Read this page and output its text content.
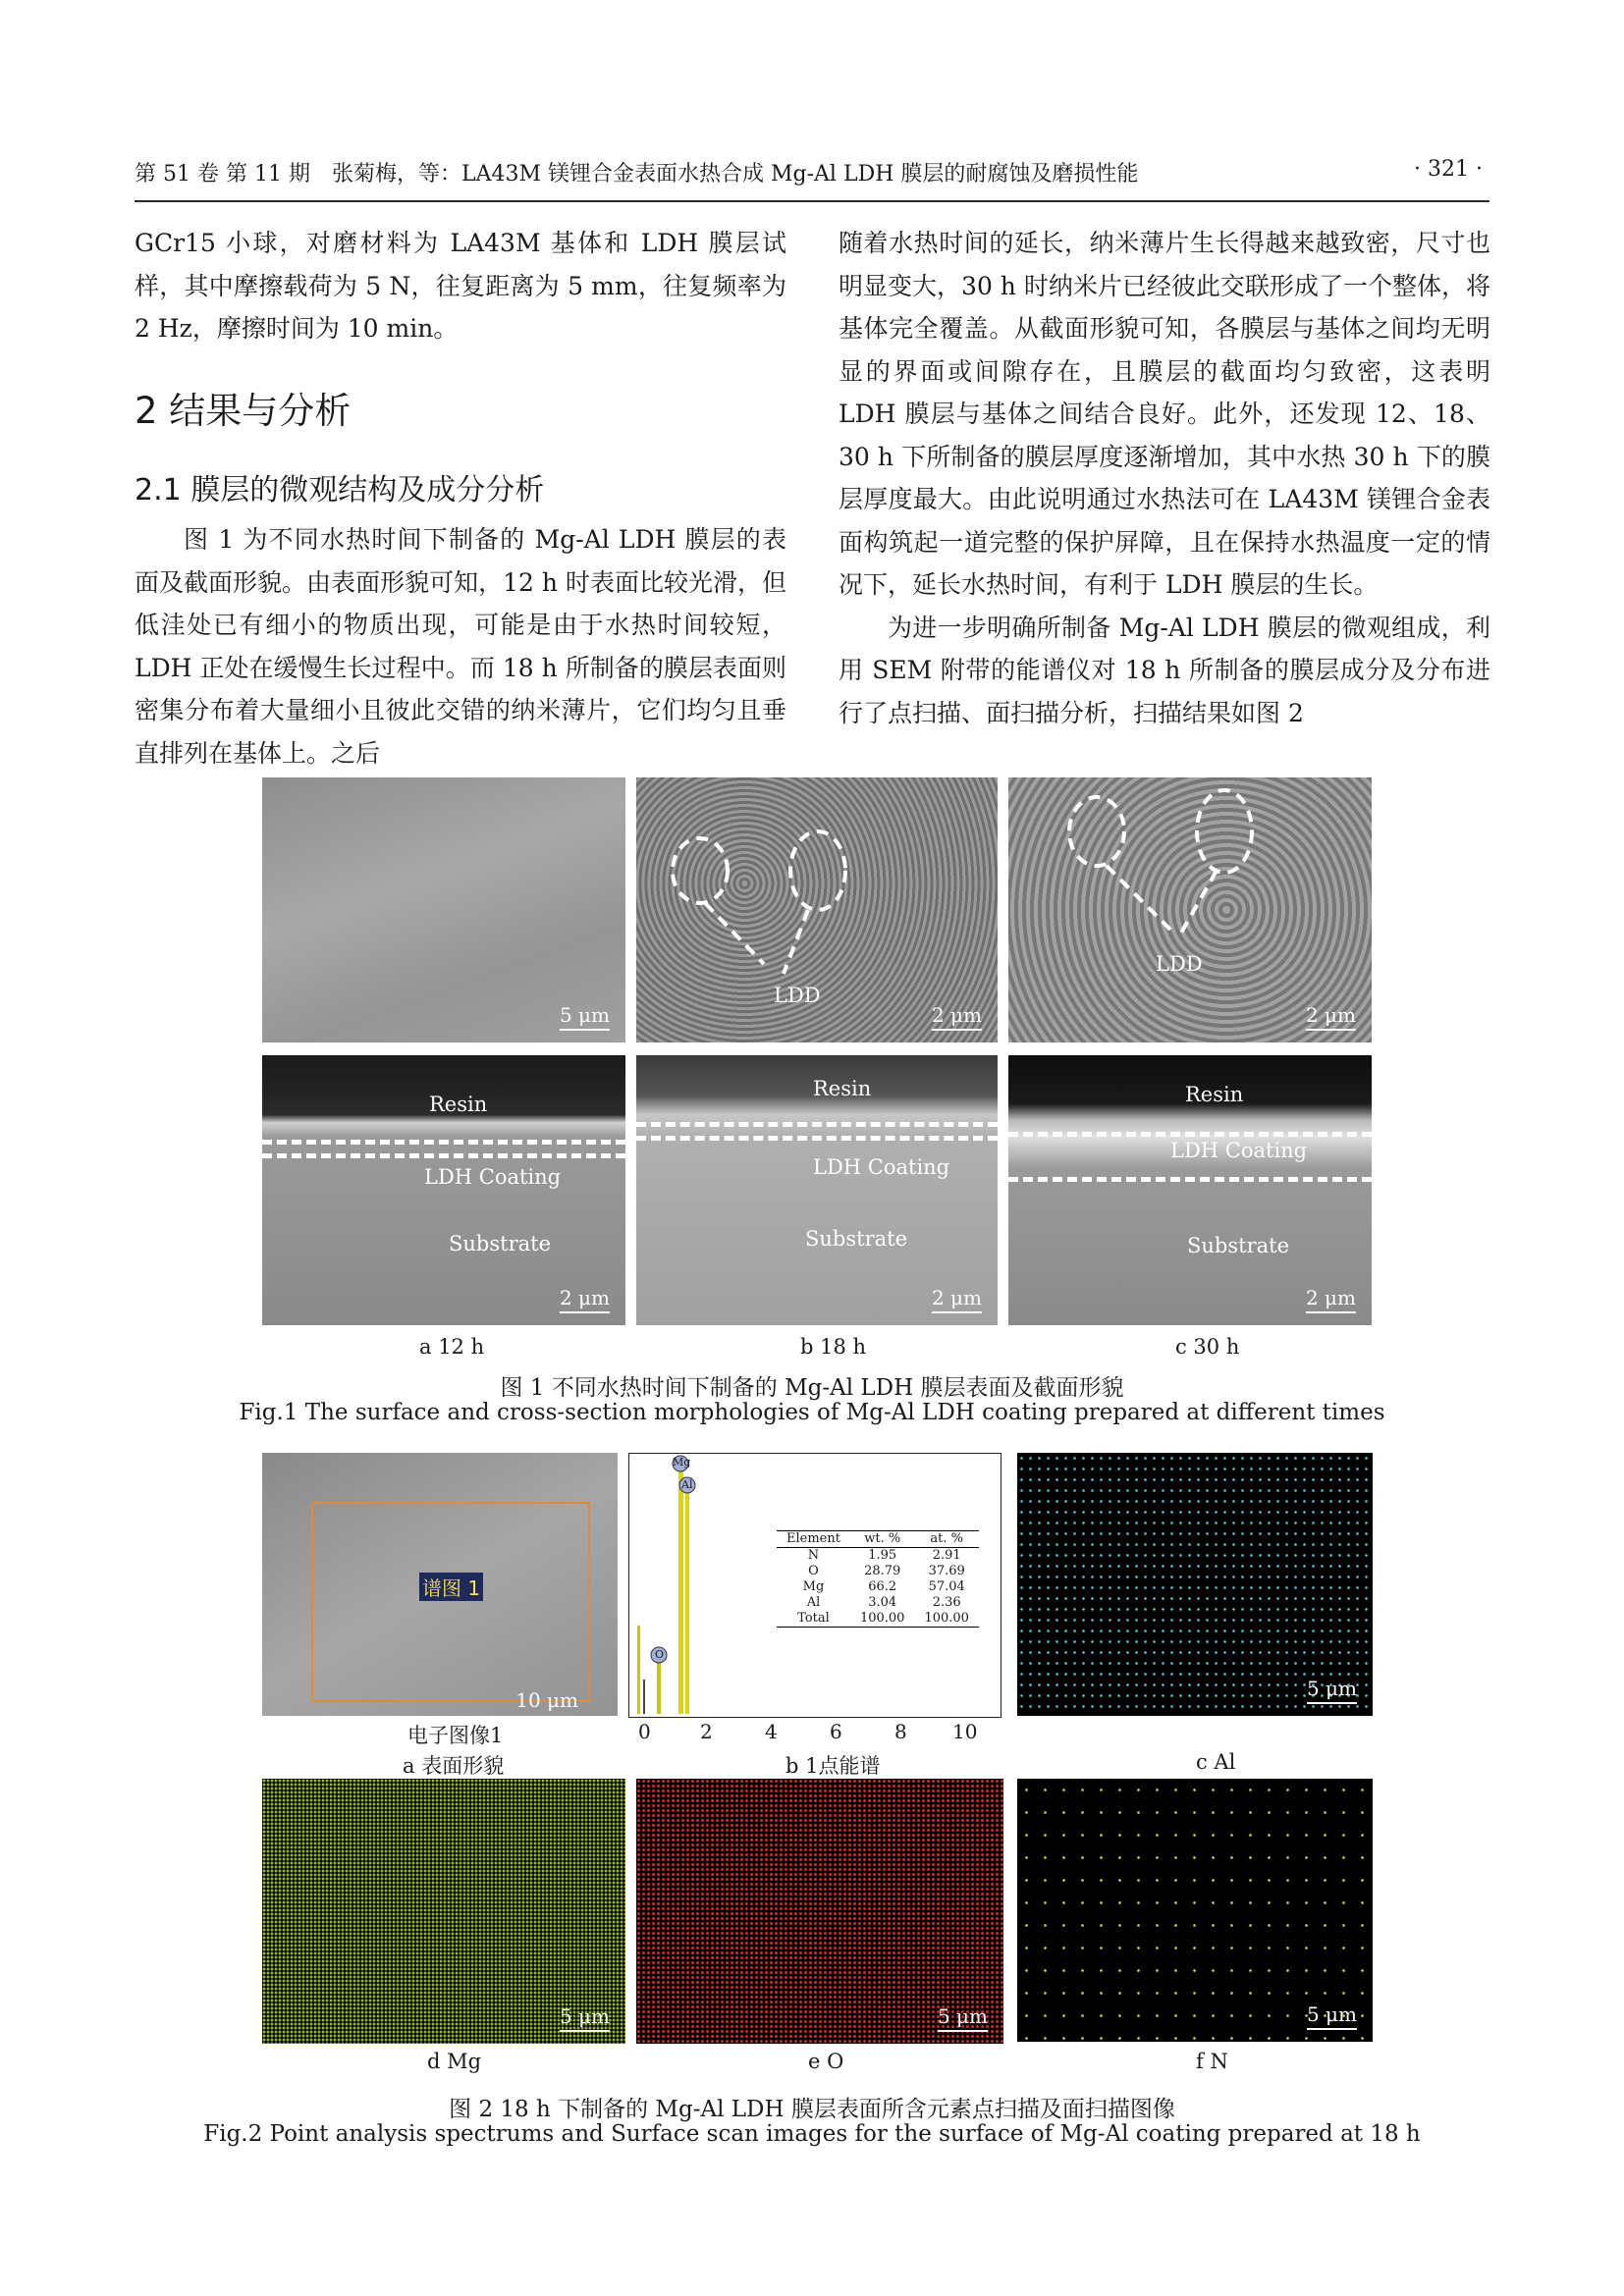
第 51 卷 第 11 期 张菊梅，等：LA43M 镁锂合金表面水热合成 Mg-Al LDH 膜层的耐腐蚀及磨损性能	· 321 ·

GCr15 小球，对磨材料为 LA43M 基体和 LDH 膜层试样，其中摩擦载荷为 5 N，往复距离为 5 mm，往复频率为 2 Hz，摩擦时间为 10 min。

2 结果与分析
2.1 膜层的微观结构及成分分析

图 1 为不同水热时间下制备的 Mg-Al LDH 膜层的表面及截面形貌。由表面形貌可知，12 h 时表面比较光滑，但低洼处已有细小的物质出现，可能是由于水热时间较短，LDH 正处在缓慢生长过程中。而 18 h 所制备的膜层表面则密集分布着大量细小且彼此交错的纳米薄片，它们均匀且垂直排列在基体上。之后

随着水热时间的延长，纳米薄片生长得越来越致密，尺寸也明显变大，30 h 时纳米片已经彼此交联形成了一个整体，将基体完全覆盖。从截面形貌可知，各膜层与基体之间均无明显的界面或间隙存在，且膜层的截面均匀致密，这表明 LDH 膜层与基体之间结合良好。此外，还发现 12、18、30 h 下所制备的膜层厚度逐渐增加，其中水热 30 h 下的膜层厚度最大。由此说明通过水热法可在 LA43M 镁锂合金表面构筑起一道完整的保护屏障，且在保持水热温度一定的情况下，延长水热时间，有利于 LDH 膜层的生长。

为进一步明确所制备 Mg-Al LDH 膜层的微观组成，利用 SEM 附带的能谱仪对 18 h 所制备的膜层成分及分布进行了点扫描、面扫描分析，扫描结果如图 2

5 μm
LDD
2 μm
LDD
2 μm
Resin
LDH Coating
Substrate
2 μm
Resin
LDH Coating
Substrate
2 μm
Resin
LDH Coating
Substrate
2 μm
a 12 h	b 18 h	c 30 h
图 1 不同水热时间下制备的 Mg-Al LDH 膜层表面及截面形貌
Fig.1 The surface and cross-section morphologies of Mg-Al LDH coating prepared at different times
谱图 1
10 μm
电子图像1
a 表面形貌
Mg
Al
O
Element	wt. %	at. %
N	1.95	2.91
O	28.79	37.69
Mg	66.2	57.04
Al	3.04	2.36
Total	100.00	100.00
0	2	4	6	8 10
b 1点能谱
5 μm
c Al
5 μm
d Mg
5 μm
e O
5 μm
f N
图 2 18 h 下制备的 Mg-Al LDH 膜层表面所含元素点扫描及面扫描图像
Fig.2 Point analysis spectrums and Surface scan images for the surface of Mg-Al coating prepared at 18 h
